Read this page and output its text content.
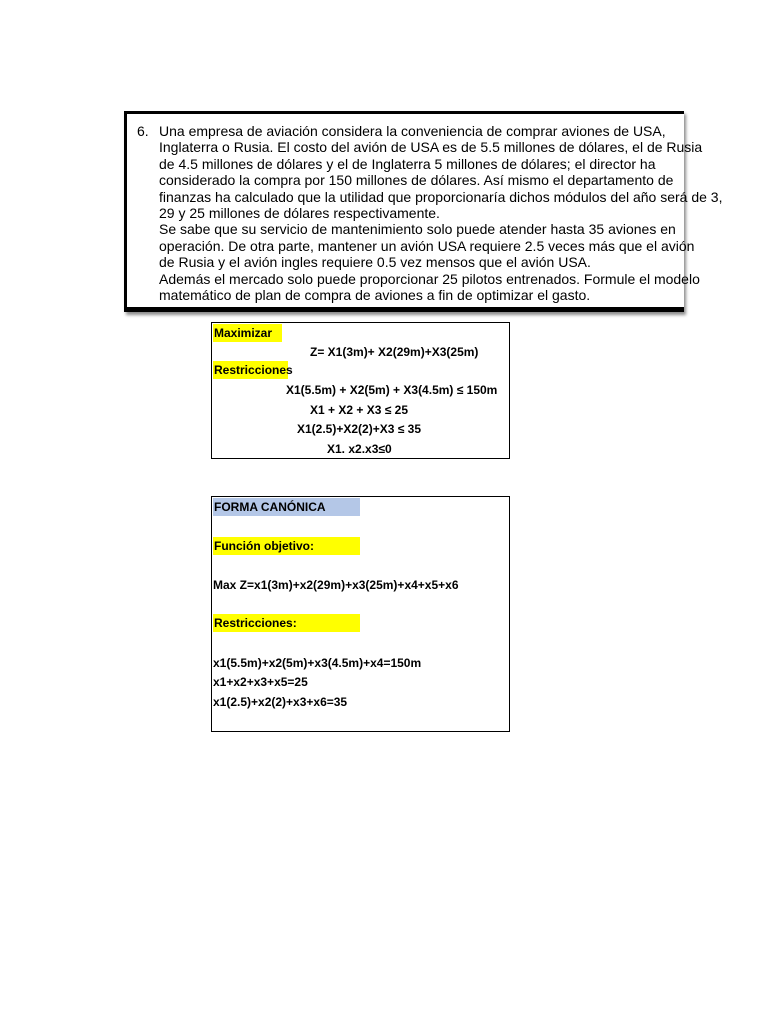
6. Una empresa de aviación considera la conveniencia de comprar aviones de USA,
Inglaterra o Rusia. El costo del avión de USA es de 5.5 millones de dólares, el de Rusia
de 4.5 millones de dólares y el de Inglaterra 5 millones de dólares; el director ha
considerado la compra por 150 millones de dólares. Así mismo el departamento de
finanzas ha calculado que la utilidad que proporcionaría dichos módulos del año será de 3,
29 y 25 millones de dólares respectivamente.
Se sabe que su servicio de mantenimiento solo puede atender hasta 35 aviones en
operación. De otra parte, mantener un avión USA requiere 2.5 veces más que el avión
de Rusia y el avión ingles requiere 0.5 vez mensos que el avión USA.
Además el mercado solo puede proporcionar 25 pilotos entrenados. Formule el modelo
matemático de plan de compra de aviones a fin de optimizar el gasto.
Maximizar
Z= X1(3m)+ X2(29m)+X3(25m)
Restricciones
X1(5.5m) + X2(5m) + X3(4.5m) ≤ 150m
X1 + X2 + X3 ≤ 25
X1(2.5)+X2(2)+X3 ≤ 35
X1. x2.x3≤0
FORMA CANÓNICA
Función objetivo:
Max Z=x1(3m)+x2(29m)+x3(25m)+x4+x5+x6
Restricciones:
x1(5.5m)+x2(5m)+x3(4.5m)+x4=150m
x1+x2+x3+x5=25
x1(2.5)+x2(2)+x3+x6=35
